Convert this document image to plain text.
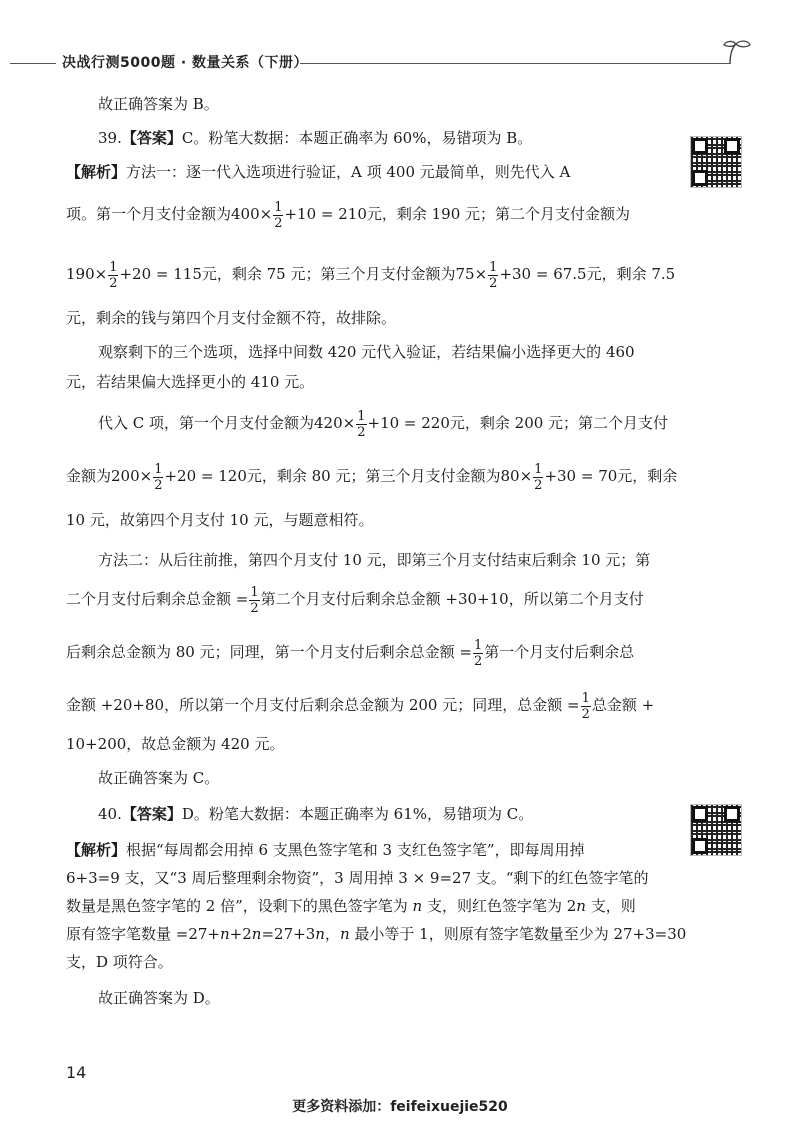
决战行测5000题 · 数量关系（下册）

故正确答案为 B。

39.【答案】C。粉笔大数据：本题正确率为 60%，易错项为 B。

【解析】方法一：逐一代入选项进行验证，A 项 400 元最简单，则先代入 A

项。第一个月支付金额为$400\times \frac{1}{2} +10 = 210$元，剩余 190 元；第二个月支付金额为

$190\times \frac{1}{2} +20 = 115$元，剩余 75 元；第三个月支付金额为$75\times \frac{1}{2} +30 = 67.5$元，剩余 7.5

元，剩余的钱与第四个月支付金额不符，故排除。

观察剩下的三个选项，选择中间数 420 元代入验证，若结果偏小选择更大的 460

元，若结果偏大选择更小的 410 元。

代入 C 项，第一个月支付金额为$420\times \frac{1}{2} +10 = 220$元，剩余 200 元；第二个月支付

金额为$200\times \frac{1}{2} +20 = 120$元，剩余 80 元；第三个月支付金额为$80\times \frac{1}{2} +30 = 70$元，剩余

10 元，故第四个月支付 10 元，与题意相符。

方法二：从后往前推，第四个月支付 10 元，即第三个月支付结束后剩余 10 元；第

二个月支付后剩余总金额 = $\frac{1}{2}$ 第二个月支付后剩余总金额 +30+10，所以第二个月支付

后剩余总金额为 80 元；同理，第一个月支付后剩余总金额 = $\frac{1}{2}$ 第一个月支付后剩余总

金额 +20+80，所以第一个月支付后剩余总金额为 200 元；同理，总金额 = $\frac{1}{2}$ 总金额 +

10+200，故总金额为 420 元。

故正确答案为 C。

40.【答案】D。粉笔大数据：本题正确率为 61%，易错项为 C。

【解析】根据“每周都会用掉 6 支黑色签字笔和 3 支红色签字笔”，即每周用掉

6+3=9 支，又“3 周后整理剩余物资”，3 周用掉 3 × 9=27 支。“剩下的红色签字笔的

数量是黑色签字笔的 2 倍”，设剩下的黑色签字笔为 n 支，则红色签字笔为 2n 支，则

原有签字笔数量 =27+n+2n=27+3n，n 最小等于 1，则原有签字笔数量至少为 27+3=30

支，D 项符合。

故正确答案为 D。

14
更多资料添加：feifeixuejie520
